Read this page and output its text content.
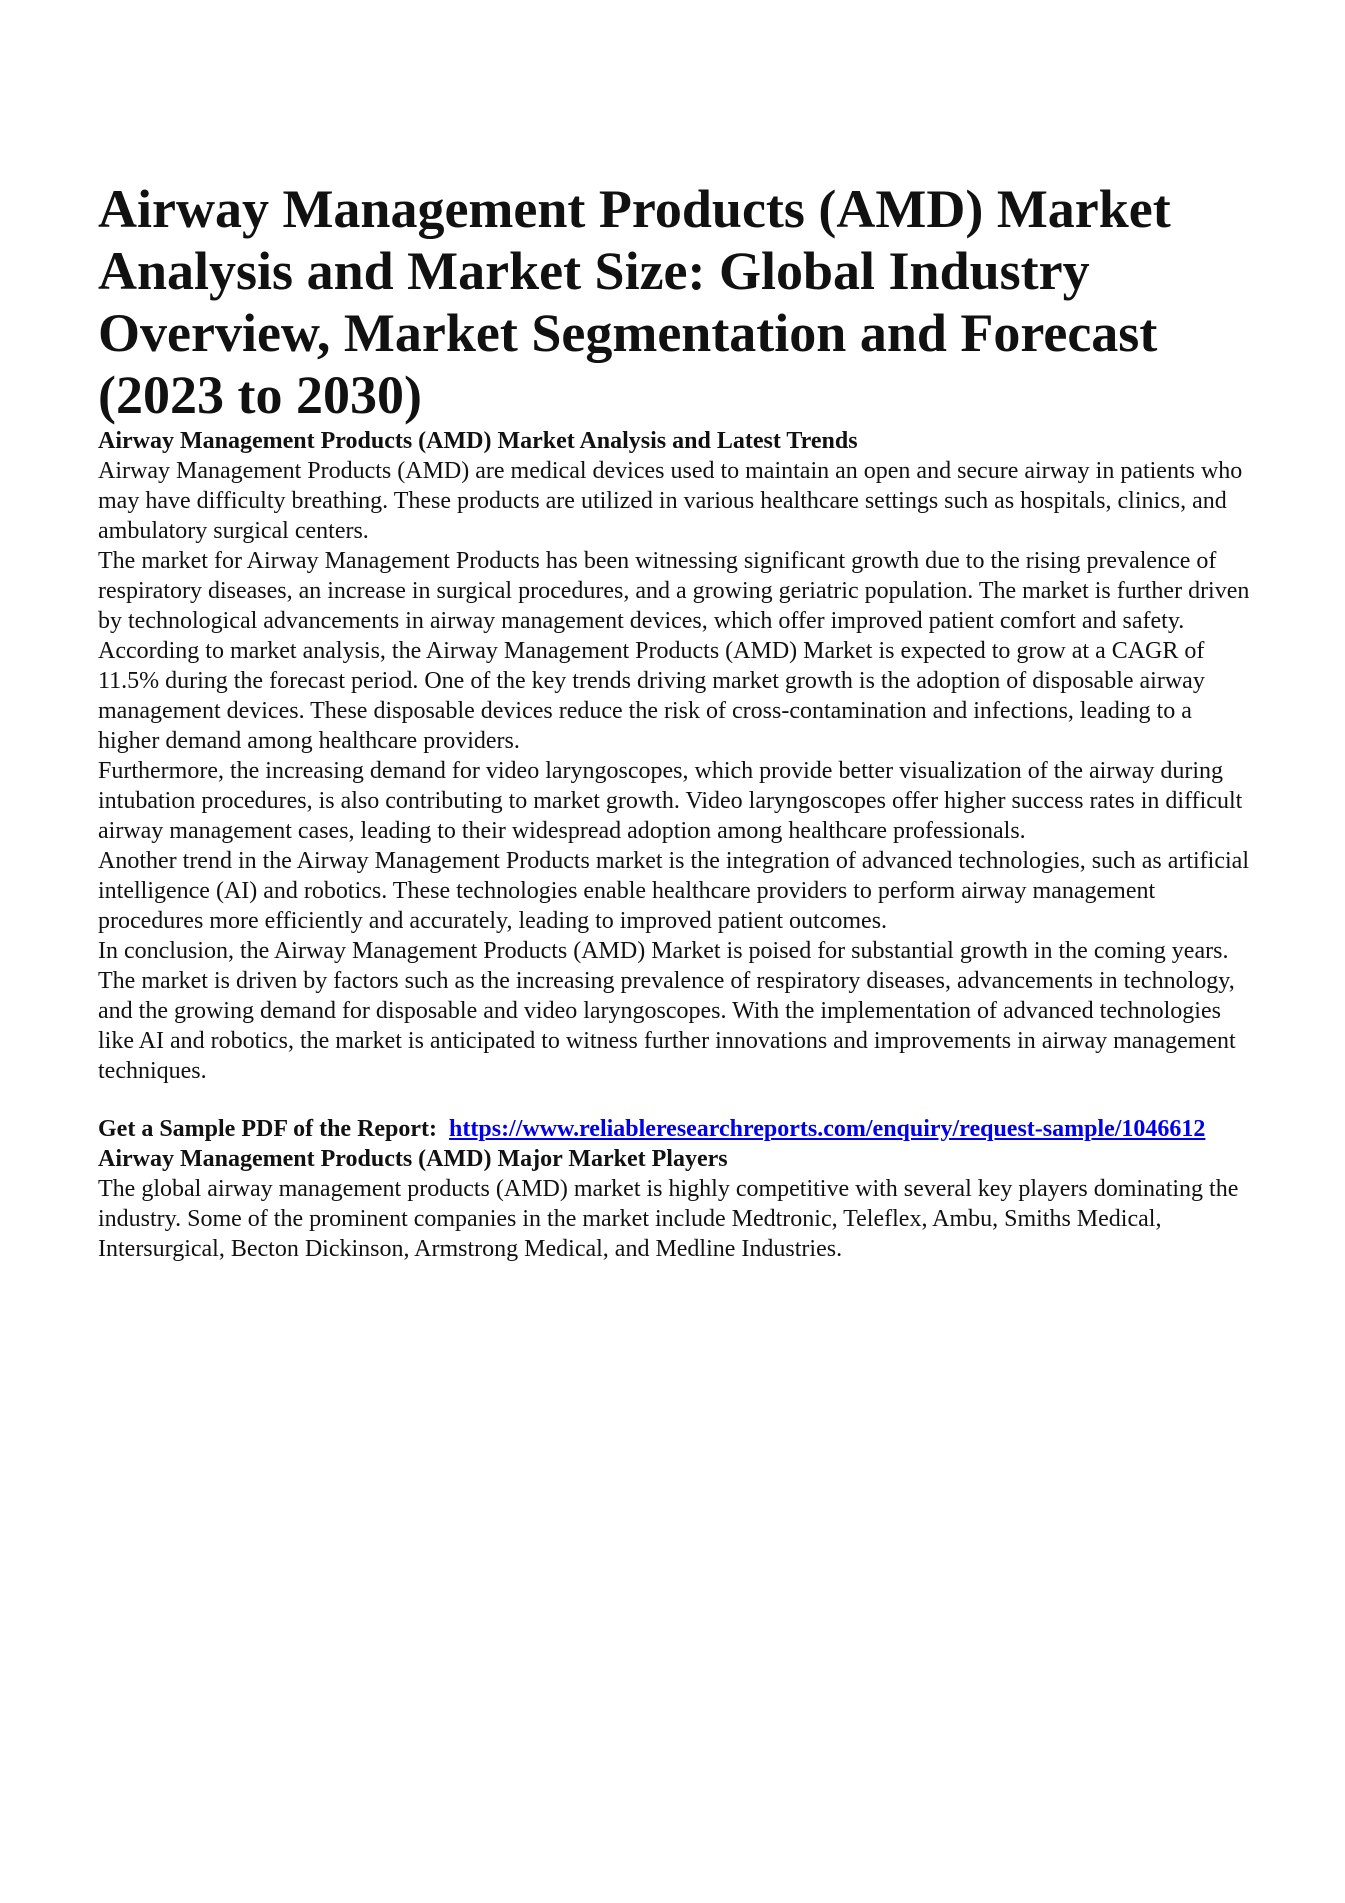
Airway Management Products (AMD) Market Analysis and Market Size: Global Industry Overview, Market Segmentation and Forecast (2023 to 2030)
Airway Management Products (AMD) Market Analysis and Latest Trends

Airway Management Products (AMD) are medical devices used to maintain an open and secure airway in patients who may have difficulty breathing. These products are utilized in various healthcare settings such as hospitals, clinics, and ambulatory surgical centers.

The market for Airway Management Products has been witnessing significant growth due to the rising prevalence of respiratory diseases, an increase in surgical procedures, and a growing geriatric population. The market is further driven by technological advancements in airway management devices, which offer improved patient comfort and safety.

According to market analysis, the Airway Management Products (AMD) Market is expected to grow at a CAGR of 11.5% during the forecast period. One of the key trends driving market growth is the adoption of disposable airway management devices. These disposable devices reduce the risk of cross-contamination and infections, leading to a higher demand among healthcare providers.

Furthermore, the increasing demand for video laryngoscopes, which provide better visualization of the airway during intubation procedures, is also contributing to market growth. Video laryngoscopes offer higher success rates in difficult airway management cases, leading to their widespread adoption among healthcare professionals.

Another trend in the Airway Management Products market is the integration of advanced technologies, such as artificial intelligence (AI) and robotics. These technologies enable healthcare providers to perform airway management procedures more efficiently and accurately, leading to improved patient outcomes.

In conclusion, the Airway Management Products (AMD) Market is poised for substantial growth in the coming years. The market is driven by factors such as the increasing prevalence of respiratory diseases, advancements in technology, and the growing demand for disposable and video laryngoscopes. With the implementation of advanced technologies like AI and robotics, the market is anticipated to witness further innovations and improvements in airway management techniques.

Get a Sample PDF of the Report: https://www.reliableresearchreports.com/enquiry/request-sample/1046612
Airway Management Products (AMD) Major Market Players

The global airway management products (AMD) market is highly competitive with several key players dominating the industry. Some of the prominent companies in the market include Medtronic, Teleflex, Ambu, Smiths Medical, Intersurgical, Becton Dickinson, Armstrong Medical, and Medline Industries.
